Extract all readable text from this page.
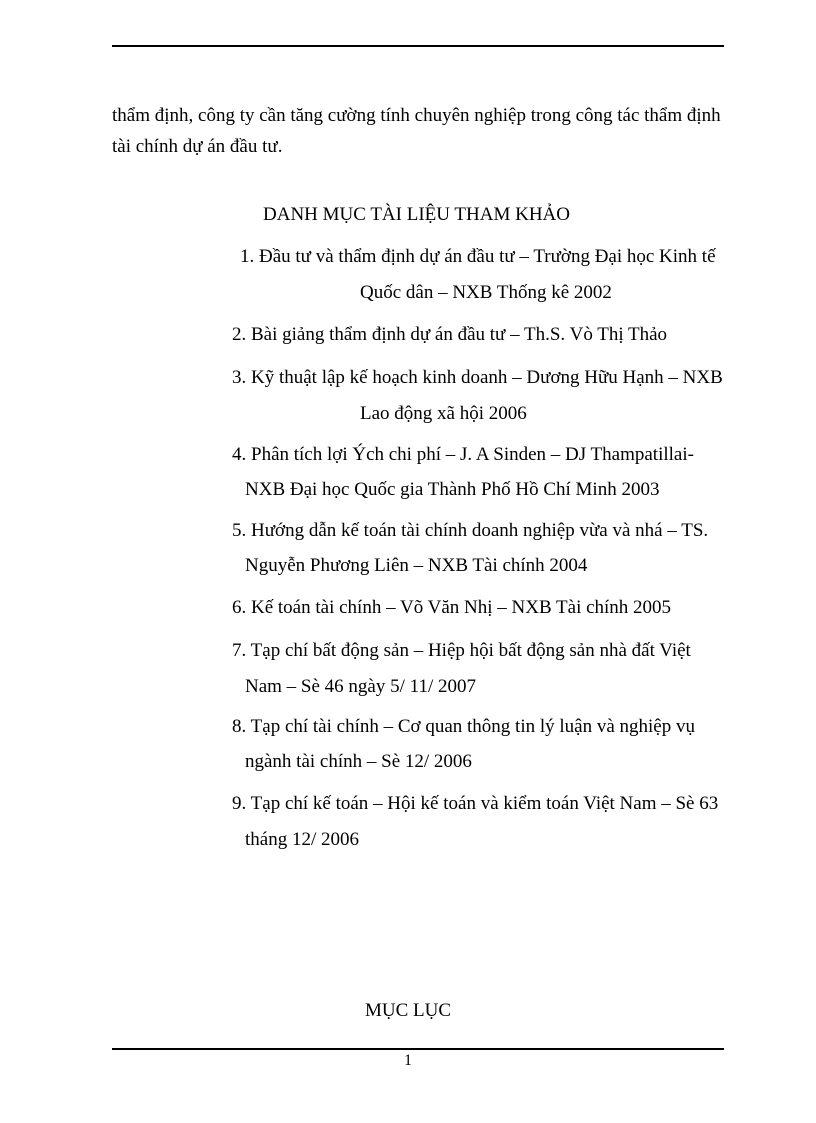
thẩm định, công ty cần tăng cường tính chuyên nghiệp trong công tác thẩm định
tài chính dự án đầu tư.
DANH MỤC TÀI LIỆU THAM KHẢO
1. Đầu tư và thẩm định dự án đầu tư – Trường Đại học Kinh tế
Quốc dân – NXB Thống kê 2002
2. Bài giảng thẩm định dự án đầu tư – Th.S. Vò Thị Thảo
3. Kỹ thuật lập kế hoạch kinh doanh – Dương Hữu Hạnh – NXB
Lao động xã hội 2006
4. Phân tích lợi Ých chi phí – J. A Sinden – DJ Thampatillai-
NXB Đại học Quốc gia Thành Phố Hồ Chí Minh 2003
5. Hướng dẫn kế toán tài chính doanh nghiệp vừa và nhá – TS.
Nguyễn Phương Liên – NXB Tài chính 2004
6. Kế toán tài chính – Võ Văn Nhị – NXB Tài chính 2005
7. Tạp chí bất động sản – Hiệp hội bất động sản nhà đất Việt
Nam – Sè 46 ngày 5/ 11/ 2007
8. Tạp chí tài chính – Cơ quan thông tin lý luận và nghiệp vụ
ngành tài chính – Sè 12/ 2006
9. Tạp chí kế toán – Hội kế toán và kiểm toán Việt Nam – Sè 63
tháng 12/ 2006
MỤC LỤC
1
